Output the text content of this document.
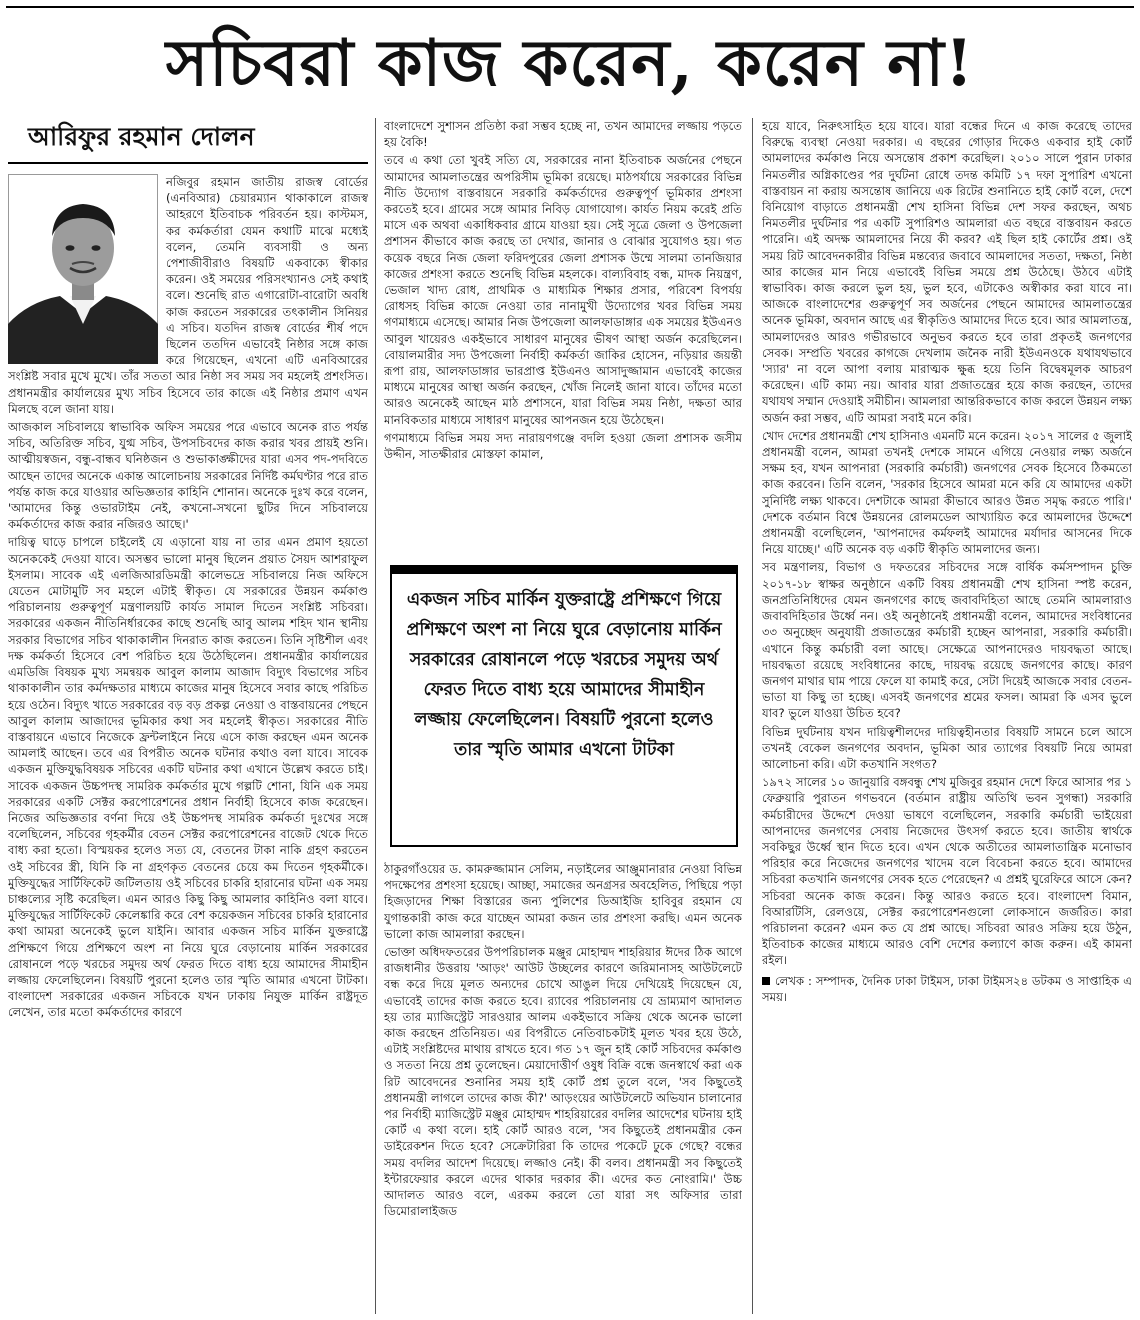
সচিবরা কাজ করেন, করেন না!
আরিফুর রহমান দোলন

নজিবুর রহমান জাতীয় রাজস্ব বোর্ডের (এনবিআর) চেয়ারম্যান থাকাকালে রাজস্ব আহরণে ইতিবাচক পরিবর্তন হয়। কাস্টমস, কর কর্মকর্তারা যেমন কথাটি মাঝে মধ্যেই বলেন, তেমনি ব্যবসায়ী ও অন্য পেশাজীবীরাও বিষয়টি একবাক্যে স্বীকার করেন। ওই সময়ের পরিসংখ্যানও সেই কথাই বলে। শুনেছি রাত এগারোটা-বারোটা অবধি কাজ করতেন সরকারের তৎকালীন সিনিয়র এ সচিব। যতদিন রাজস্ব বোর্ডের শীর্ষ পদে ছিলেন ততদিন এভাবেই নিষ্ঠার সঙ্গে কাজ করে গিয়েছেন, এখনো এটি এনবিআরের সংশ্লিষ্ট সবার মুখে মুখে। তাঁর সততা আর নিষ্ঠা সব সময় সব মহলেই প্রশংসিত। প্রধানমন্ত্রীর কার্যালয়ের মুখ্য সচিব হিসেবে তার কাজে এই নিষ্ঠার প্রমাণ এখন মিলছে বলে জানা যায়।

আজকাল সচিবালয়ে স্বাভাবিক অফিস সময়ের পরে এভাবে অনেক রাত পর্যন্ত সচিব, অতিরিক্ত সচিব, যুগ্ম সচিব, উপসচিবদের কাজ করার খবর প্রায়ই শুনি। আত্মীয়স্বজন, বন্ধু-বান্ধব ঘনিষ্ঠজন ও শুভাকাঙ্ক্ষীদের যারা এসব পদ-পদবিতে আছেন তাদের অনেকে একান্ত আলোচনায় সরকারের নির্দিষ্ট কর্মঘণ্টার পরে রাত পর্যন্ত কাজ করে যাওয়ার অভিজ্ঞতার কাহিনি শোনান। অনেকে দুঃখ করে বলেন, 'আমাদের কিন্তু ওভারটাইম নেই, কখনো-সখনো ছুটির দিনে সচিবালয়ে কর্মকর্তাদের কাজ করার নজিরও আছে।'

দায়িত্ব ঘাড়ে চাপলে চাইলেই যে এড়ানো যায় না তার এমন প্রমাণ হয়তো অনেককেই দেওয়া যাবে। অসম্ভব ভালো মানুষ ছিলেন প্রয়াত সৈয়দ আশরাফুল ইসলাম। সাবেক এই এলজিআরডিমন্ত্রী কালেভদ্রে সচিবালয়ে নিজ অফিসে যেতেন মোটামুটি সব মহলে এটাই স্বীকৃত। যে সরকারের উন্নয়ন কর্মকাণ্ড পরিচালনায় গুরুত্বপূর্ণ মন্ত্রণালয়টি কার্যত সামাল দিতেন সংশ্লিষ্ট সচিবরা। সরকারের একজন নীতিনির্ধারকের কাছে শুনেছি আবু আলম শহিদ খান স্থানীয় সরকার বিভাগের সচিব থাকাকালীন দিনরাত কাজ করতেন। তিনি সৃষ্টিশীল এবং দক্ষ কর্মকর্তা হিসেবে বেশ পরিচিত হয়ে উঠেছিলেন। প্রধানমন্ত্রীর কার্যালয়ের এমডিজি বিষয়ক মুখ্য সমন্বয়ক আবুল কালাম আজাদ বিদ্যুৎ বিভাগের সচিব থাকাকালীন তার কর্মদক্ষতার মাধ্যমে কাজের মানুষ হিসেবে সবার কাছে পরিচিত হয়ে ওঠেন। বিদ্যুৎ খাতে সরকারের বড় বড় প্রকল্প নেওয়া ও বাস্তবায়নের পেছনে আবুল কালাম আজাদের ভূমিকার কথা সব মহলেই স্বীকৃত। সরকারের নীতি বাস্তবায়নে এভাবে নিজেকে ফ্রন্টলাইনে নিয়ে এসে কাজ করছেন এমন অনেক আমলাই আছেন। তবে এর বিপরীত অনেক ঘটনার কথাও বলা যাবে। সাবেক একজন মুক্তিযুদ্ধবিষয়ক সচিবের একটি ঘটনার কথা এখানে উল্লেখ করতে চাই। সাবেক একজন উচ্চপদস্থ সামরিক কর্মকর্তার মুখে গল্পটি শোনা, যিনি এক সময় সরকারের একটি সেক্টর করপোরেশনের প্রধান নির্বাহী হিসেবে কাজ করেছেন। নিজের অভিজ্ঞতার বর্ণনা দিয়ে ওই উচ্চপদস্থ সামরিক কর্মকর্তা দুঃখের সঙ্গে বলেছিলেন, সচিবের গৃহকর্মীর বেতন সেক্টর করপোরেশনের বাজেট থেকে দিতে বাধ্য করা হতো। বিস্ময়কর হলেও সত্য যে, বেতনের টাকা নাকি গ্রহণ করতেন ওই সচিবের স্ত্রী, যিনি কি না গ্রহণকৃত বেতনের চেয়ে কম দিতেন গৃহকর্মীকে। মুক্তিযুদ্ধের সার্টিফিকেট জটিলতায় ওই সচিবের চাকরি হারানোর ঘটনা এক সময় চাঞ্চল্যের সৃষ্টি করেছিল। এমন আরও কিছু কিছু আমলার কাহিনিও বলা যাবে। মুক্তিযুদ্ধের সার্টিফিকেট কেলেঙ্কারি করে বেশ কয়েকজন সচিবের চাকরি হারানোর কথা আমরা অনেকেই ভুলে যাইনি। আবার একজন সচিব মার্কিন যুক্তরাষ্ট্রে প্রশিক্ষণে গিয়ে প্রশিক্ষণে অংশ না নিয়ে ঘুরে বেড়ানোয় মার্কিন সরকারের রোষানলে পড়ে খরচের সমুদয় অর্থ ফেরত দিতে বাধ্য হয়ে আমাদের সীমাহীন লজ্জায় ফেলেছিলেন। বিষয়টি পুরনো হলেও তার স্মৃতি আমার এখনো টাটকা। বাংলাদেশ সরকারের একজন সচিবকে যখন ঢাকায় নিযুক্ত মার্কিন রাষ্ট্রদূত লেখেন, তার মতো কর্মকর্তাদের কারণে

বাংলাদেশে সুশাসন প্রতিষ্ঠা করা সম্ভব হচ্ছে না, তখন আমাদের লজ্জায় পড়তে হয় বৈকি!

তবে এ কথা তো খুবই সত্যি যে, সরকারের নানা ইতিবাচক অর্জনের পেছনে আমাদের আমলাতন্ত্রের অপরিসীম ভূমিকা রয়েছে। মাঠপর্যায়ে সরকারের বিভিন্ন নীতি উদ্যোগ বাস্তবায়নে সরকারি কর্মকর্তাদের গুরুত্বপূর্ণ ভূমিকার প্রশংসা করতেই হবে। গ্রামের সঙ্গে আমার নিবিড় যোগাযোগ। কার্যত নিয়ম করেই প্রতি মাসে এক অথবা একাধিকবার গ্রামে যাওয়া হয়। সেই সূত্রে জেলা ও উপজেলা প্রশাসন কীভাবে কাজ করছে তা দেখার, জানার ও বোঝার সুযোগও হয়। গত কয়েক বছরে নিজ জেলা ফরিদপুরের জেলা প্রশাসক উম্মে সালমা তানজিয়ার কাজের প্রশংসা করতে শুনেছি বিভিন্ন মহলকে। বাল্যবিবাহ বন্ধ, মাদক নিয়ন্ত্রণ, ভেজাল খাদ্য রোধ, প্রাথমিক ও মাধ্যমিক শিক্ষার প্রসার, পরিবেশ বিপর্যয় রোধসহ বিভিন্ন কাজে নেওয়া তার নানামুখী উদ্যোগের খবর বিভিন্ন সময় গণমাধ্যমে এসেছে। আমার নিজ উপজেলা আলফাডাঙ্গার এক সময়ের ইউএনও আবুল খায়েরও একইভাবে সাধারণ মানুষের ভীষণ আস্থা অর্জন করেছিলেন। বোয়ালমারীর সদ্য উপজেলা নির্বাহী কর্মকর্তা জাকির হোসেন, নড়িয়ার জয়ন্তী রূপা রায়, আলফাডাঙ্গার ভারপ্রাপ্ত ইউএনও আসাদুজ্জামান এভাবেই কাজের মাধ্যমে মানুষের আস্থা অর্জন করছেন, খোঁজ নিলেই জানা যাবে। তাঁদের মতো আরও অনেকেই আছেন মাঠ প্রশাসনে, যারা বিভিন্ন সময় নিষ্ঠা, দক্ষতা আর মানবিকতার মাধ্যমে সাধারণ মানুষের আপনজন হয়ে উঠেছেন।

গণমাধ্যমে বিভিন্ন সময় সদ্য নারায়ণগঞ্জে বদলি হওয়া জেলা প্রশাসক জসীম উদ্দীন, সাতক্ষীরার মোস্তফা কামাল,

ঠাকুরগাঁওয়ের ড. কামরুজ্জামান সেলিম, নড়াইলের আঞ্জুমানারার নেওয়া বিভিন্ন পদক্ষেপের প্রশংসা হয়েছে। আচ্ছা, সমাজের অনগ্রসর অবহেলিত, পিছিয়ে পড়া হিজড়াদের শিক্ষা বিস্তারের জন্য পুলিশের ডিআইজি হাবিবুর রহমান যে যুগান্তকারী কাজ করে যাচ্ছেন আমরা কজন তার প্রশংসা করছি। এমন অনেক ভালো কাজ আমলারা করছেন।

ভোক্তা অধিদফতরের উপপরিচালক মঞ্জুর মোহাম্মদ শাহরিয়ার ঈদের ঠিক আগে রাজধানীর উত্তরায় 'আড়ং' আউট উচ্ছলের কারণে জরিমানাসহ আউটলেটে বন্ধ করে দিয়ে মূলত অন্যদের চোখে আঙুল দিয়ে দেখিয়েই দিয়েছেন যে, এভাবেই তাদের কাজ করতে হবে। র‌্যাবের পরিচালনায় যে ভ্রাম্যমাণ আদালত হয় তার ম্যাজিস্ট্রেট সারওয়ার আলম একইভাবে সক্রিয় থেকে অনেক ভালো কাজ করছেন প্রতিনিয়ত। এর বিপরীতে নেতিবাচকটাই মূলত খবর হয়ে উঠে, এটাই সংশ্লিষ্টদের মাথায় রাখতে হবে। গত ১৭ জুন হাই কোর্ট সচিবদের কর্মকাণ্ড ও সততা নিয়ে প্রশ্ন তুলেছেন। মেয়াদোত্তীর্ণ ওষুধ বিক্রি বন্ধে জনস্বার্থে করা এক রিট আবেদনের শুনানির সময় হাই কোর্ট প্রশ্ন তুলে বলে, 'সব কিছুতেই প্রধানমন্ত্রী লাগলে তাদের কাজ কী?' আড়ংয়ের আউটলেটে অভিযান চালানোর পর নির্বাহী ম্যাজিস্ট্রেট মঞ্জুর মোহাম্মদ শাহরিয়ারের বদলির আদেশের ঘটনায় হাই কোর্ট এ কথা বলে। হাই কোর্ট আরও বলে, 'সব কিছুতেই প্রধানমন্ত্রীর কেন ডাইরেকশন দিতে হবে? সেক্রেটারিরা কি তাদের পকেটে ঢুকে গেছে? বন্ধের সময় বদলির আদেশ দিয়েছে। লজ্জাও নেই। কী বলব। প্রধানমন্ত্রী সব কিছুতেই ইন্টারফেয়ার করলে এদের থাকার দরকার কী। এদের কত নোংরামি।' উচ্চ আদালত আরও বলে, এরকম করলে তো যারা সৎ অফিসার তারা ডিমোরালাইজড

একজন সচিব মার্কিন যুক্তরাষ্ট্রে প্রশিক্ষণে গিয়ে প্রশিক্ষণে অংশ না নিয়ে ঘুরে বেড়ানোয় মার্কিন সরকারের রোষানলে পড়ে খরচের সমুদয় অর্থ ফেরত দিতে বাধ্য হয়ে আমাদের সীমাহীন লজ্জায় ফেলেছিলেন। বিষয়টি পুরনো হলেও তার স্মৃতি আমার এখনো টাটকা

হয়ে যাবে, নিরুৎসাহিত হয়ে যাবে। যারা বন্ধের দিনে এ কাজ করেছে তাদের বিরুদ্ধে ব্যবস্থা নেওয়া দরকার। এ বছরের গোড়ার দিকেও একবার হাই কোর্ট আমলাদের কর্মকাণ্ড নিয়ে অসন্তোষ প্রকাশ করেছিল। ২০১০ সালে পুরান ঢাকার নিমতলীর অগ্নিকাণ্ডের পর দুর্ঘটনা রোধে তদন্ত কমিটি ১৭ দফা সুপারিশ এখনো বাস্তবায়ন না করায় অসন্তোষ জানিয়ে এক রিটের শুনানিতে হাই কোর্ট বলে, দেশে বিনিয়োগ বাড়াতে প্রধানমন্ত্রী শেখ হাসিনা বিভিন্ন দেশ সফর করছেন, অথচ নিমতলীর দুর্ঘটনার পর একটি সুপারিশও আমলারা এত বছরে বাস্তবায়ন করতে পারেনি। এই অদক্ষ আমলাদের নিয়ে কী করব? এই ছিল হাই কোর্টের প্রশ্ন। ওই সময় রিট আবেদনকারীর বিভিন্ন মন্তব্যের জবাবে আমলাদের সততা, দক্ষতা, নিষ্ঠা আর কাজের মান নিয়ে এভাবেই বিভিন্ন সময়ে প্রশ্ন উঠেছে। উঠবে এটাই স্বাভাবিক। কাজ করলে ভুল হয়, ভুল হবে, এটাকেও অস্বীকার করা যাবে না। আজকে বাংলাদেশের গুরুত্বপূর্ণ সব অর্জনের পেছনে আমাদের আমলাতন্ত্রের অনেক ভূমিকা, অবদান আছে এর স্বীকৃতিও আমাদের দিতে হবে। আর আমলাতন্ত্র, আমলাদেরও আরও গভীরভাবে অনুভব করতে হবে তারা প্রকৃতই জনগণের সেবক। সম্প্রতি খবরের কাগজে দেখলাম জনৈক নারী ইউএনওকে যথাযথভাবে 'স্যার' না বলে আপা বলায় মারাত্মক ক্ষুব্ধ হয়ে তিনি বিদ্বেষমূলক আচরণ করেছেন। এটি কাম্য নয়। আবার যারা প্রজাতন্ত্রের হয়ে কাজ করছেন, তাদের যথাযথ সম্মান দেওয়াই সমীচীন। আমলারা আন্তরিকভাবে কাজ করলে উন্নয়ন লক্ষ্য অর্জন করা সম্ভব, এটি আমরা সবাই মনে করি।

খোদ দেশের প্রধানমন্ত্রী শেখ হাসিনাও এমনটি মনে করেন। ২০১৭ সালের ৫ জুলাই প্রধানমন্ত্রী বলেন, আমরা তখনই দেশকে সামনে এগিয়ে নেওয়ার লক্ষ্য অর্জনে সক্ষম হব, যখন আপনারা (সরকারি কর্মচারী) জনগণের সেবক হিসেবে ঠিকমতো কাজ করবেন। তিনি বলেন, 'সরকার হিসেবে আমরা মনে করি যে আমাদের একটা সুনির্দিষ্ট লক্ষ্য থাকবে। দেশটাকে আমরা কীভাবে আরও উন্নত সমৃদ্ধ করতে পারি।' দেশকে বর্তমান বিশ্বে উন্নয়নের রোলমডেল আখ্যায়িত করে আমলাদের উদ্দেশে প্রধানমন্ত্রী বলেছিলেন, 'আপনাদের কর্মফলই আমাদের মর্যাদার আসনের দিকে নিয়ে যাচ্ছে।' এটি অনেক বড় একটি স্বীকৃতি আমলাদের জন্য।

সব মন্ত্রণালয়, বিভাগ ও দফতরের সচিবদের সঙ্গে বার্ষিক কর্মসম্পাদন চুক্তি ২০১৭-১৮ স্বাক্ষর অনুষ্ঠানে একটি বিষয় প্রধানমন্ত্রী শেখ হাসিনা স্পষ্ট করেন, জনপ্রতিনিধিদের যেমন জনগণের কাছে জবাবদিহিতা আছে তেমনি আমলারাও জবাবদিহিতার উর্ধ্বে নন। ওই অনুষ্ঠানেই প্রধানমন্ত্রী বলেন, আমাদের সংবিধানের ৩৩ অনুচ্ছেদ অনুযায়ী প্রজাতন্ত্রের কর্মচারী হচ্ছেন আপনারা, সরকারি কর্মচারী। এখানে কিন্তু কর্মচারী বলা আছে। সেক্ষেত্রে আপনাদেরও দায়বদ্ধতা আছে। দায়বদ্ধতা রয়েছে সংবিধানের কাছে, দায়বদ্ধ রয়েছে জনগণের কাছে। কারণ জনগণ মাথার ঘাম পায়ে ফেলে যা কামাই করে, সেটা দিয়েই আজকে সবার বেতন-ভাতা যা কিছু তা হচ্ছে। এসবই জনগণের শ্রমের ফসল। আমরা কি এসব ভুলে যাব? ভুলে যাওয়া উচিত হবে?

বিভিন্ন দুর্ঘটনায় যখন দায়িত্বশীলদের দায়িত্বহীনতার বিষয়টি সামনে চলে আসে তখনই বেকেল জনগণের অবদান, ভূমিকা আর ত্যাগের বিষয়টি নিয়ে আমরা আলোচনা করি। এটা কতখানি সংগত?

১৯৭২ সালের ১০ জানুয়ারি বঙ্গবন্ধু শেখ মুজিবুর রহমান দেশে ফিরে আসার পর ১ ফেব্রুয়ারি পুরাতন গণভবনে (বর্তমান রাষ্ট্রীয় অতিথি ভবন সুগন্ধা) সরকারি কর্মচারীদের উদ্দেশে দেওয়া ভাষণে বলেছিলেন, সরকারি কর্মচারী ভাইয়েরা আপনাদের জনগণের সেবায় নিজেদের উৎসর্গ করতে হবে। জাতীয় স্বার্থকে সবকিছুর উর্ধ্বে স্থান দিতে হবে। এখন থেকে অতীতের আমলাতান্ত্রিক মনোভাব পরিহার করে নিজেদের জনগণের খাদেম বলে বিবেচনা করতে হবে। আমাদের সচিবরা কতখানি জনগণের সেবক হতে পেরেছেন? এ প্রশ্নই ঘুরেফিরে আসে কেন? সচিবরা অনেক কাজ করেন। কিন্তু আরও করতে হবে। বাংলাদেশ বিমান, বিআরটিসি, রেলওয়ে, সেক্টর করপোরেশনগুলো লোকসানে জর্জরিত। কারা পরিচালনা করেন? এমন কত যে প্রশ্ন আছে। সচিবরা আরও সক্রিয় হয়ে উঠুন, ইতিবাচক কাজের মাধ্যমে আরও বেশি দেশের কল্যাণে কাজ করুন। এই কামনা রইল।

লেখক : সম্পাদক, দৈনিক ঢাকা টাইমস, ঢাকা টাইমস২৪ ডটকম ও সাপ্তাহিক এ সময়।
